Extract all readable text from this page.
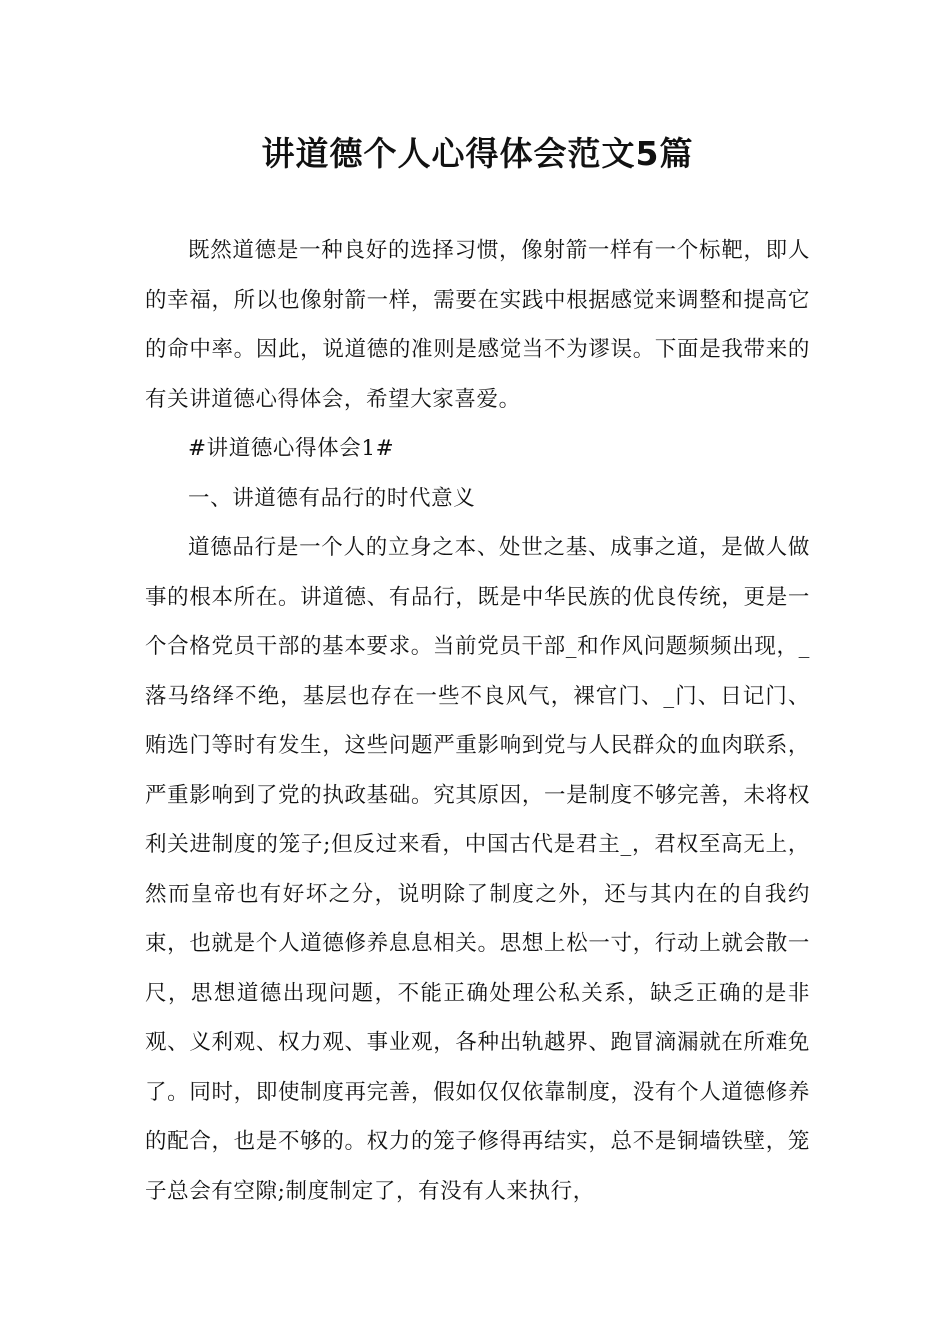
讲道德个人心得体会范文5篇

既然道德是一种良好的选择习惯，像射箭一样有一个标靶，即人的幸福，所以也像射箭一样，需要在实践中根据感觉来调整和提高它的命中率。因此，说道德的准则是感觉当不为谬误。下面是我带来的有关讲道德心得体会，希望大家喜爱。

#讲道德心得体会1#

一、讲道德有品行的时代意义

道德品行是一个人的立身之本、处世之基、成事之道，是做人做事的根本所在。讲道德、有品行，既是中华民族的优良传统，更是一个合格党员干部的基本要求。当前党员干部_和作风问题频频出现，_落马络绎不绝，基层也存在一些不良风气，裸官门、_门、日记门、贿选门等时有发生，这些问题严重影响到党与人民群众的血肉联系，严重影响到了党的执政基础。究其原因，一是制度不够完善，未将权利关进制度的笼子;但反过来看，中国古代是君主_，君权至高无上，然而皇帝也有好坏之分，说明除了制度之外，还与其内在的自我约束，也就是个人道德修养息息相关。思想上松一寸，行动上就会散一尺，思想道德出现问题，不能正确处理公私关系，缺乏正确的是非观、义利观、权力观、事业观，各种出轨越界、跑冒滴漏就在所难免了。同时，即使制度再完善，假如仅仅依靠制度，没有个人道德修养的配合，也是不够的。权力的笼子修得再结实，总不是铜墙铁壁，笼子总会有空隙;制度制定了，有没有人来执行，
